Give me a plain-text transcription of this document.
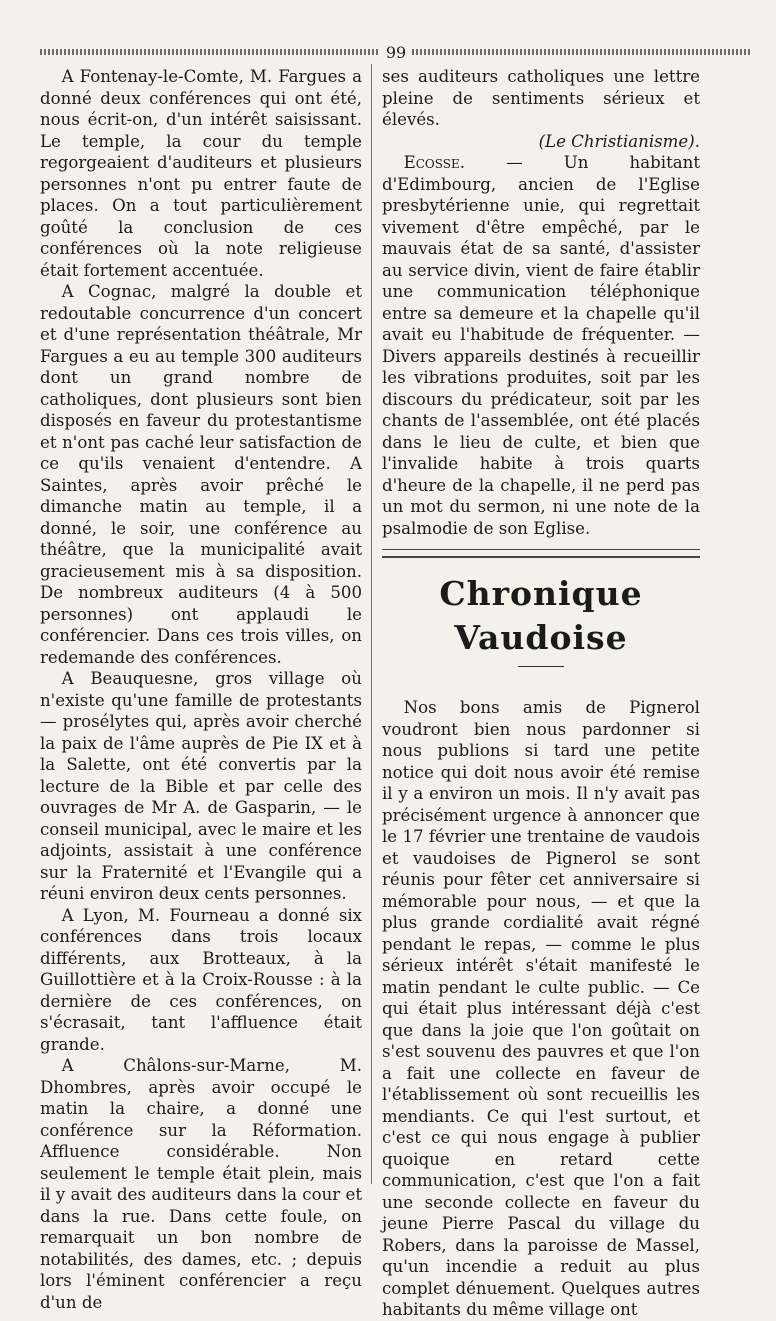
99

A Fontenay-le-Comte, M. Fargues a donné deux conférences qui ont été, nous écrit-on, d'un intérêt saisissant. Le temple, la cour du temple regorgeaient d'auditeurs et plusieurs personnes n'ont pu entrer faute de places. On a tout particulièrement goûté la conclusion de ces conférences où la note religieuse était fortement accentuée.

A Cognac, malgré la double et redoutable concurrence d'un concert et d'une représentation théâtrale, Mr Fargues a eu au temple 300 auditeurs dont un grand nombre de catholiques, dont plusieurs sont bien disposés en faveur du protestantisme et n'ont pas caché leur satisfaction de ce qu'ils venaient d'entendre. A Saintes, après avoir prêché le dimanche matin au temple, il a donné, le soir, une conférence au théâtre, que la municipalité avait gracieusement mis à sa disposition. De nombreux auditeurs (4 à 500 personnes) ont applaudi le conférencier. Dans ces trois villes, on redemande des conférences.

A Beauquesne, gros village où n'existe qu'une famille de protestants — prosélytes qui, après avoir cherché la paix de l'âme auprès de Pie IX et à la Salette, ont été convertis par la lecture de la Bible et par celle des ouvrages de Mr A. de Gasparin, — le conseil municipal, avec le maire et les adjoints, assistait à une conférence sur la Fraternité et l'Evangile qui a réuni environ deux cents personnes.

A Lyon, M. Fourneau a donné six conférences dans trois locaux différents, aux Brotteaux, à la Guillottière et à la Croix-Rousse : à la dernière de ces conférences, on s'écrasait, tant l'affluence était grande.

A Châlons-sur-Marne, M. Dhombres, après avoir occupé le matin la chaire, a donné une conférence sur la Réformation. Affluence considérable. Non seulement le temple était plein, mais il y avait des auditeurs dans la cour et dans la rue. Dans cette foule, on remarquait un bon nombre de notabilités, des dames, etc. ; depuis lors l'éminent conférencier a reçu d'un de

ses auditeurs catholiques une lettre pleine de sentiments sérieux et élevés.

(Le Christianisme).

Ecosse. — Un habitant d'Edimbourg, ancien de l'Eglise presbytérienne unie, qui regrettait vivement d'être empêché, par le mauvais état de sa santé, d'assister au service divin, vient de faire établir une communication téléphonique entre sa demeure et la chapelle qu'il avait eu l'habitude de fréquenter. — Divers appareils destinés à recueillir les vibrations produites, soit par les discours du prédicateur, soit par les chants de l'assemblée, ont été placés dans le lieu de culte, et bien que l'invalide habite à trois quarts d'heure de la chapelle, il ne perd pas un mot du sermon, ni une note de la psalmodie de son Eglise.

Chronique Vaudoise

Nos bons amis de Pignerol voudront bien nous pardonner si nous publions si tard une petite notice qui doit nous avoir été remise il y a environ un mois. Il n'y avait pas précisément urgence à annoncer que le 17 février une trentaine de vaudois et vaudoises de Pignerol se sont réunis pour fêter cet anniversaire si mémorable pour nous, — et que la plus grande cordialité avait régné pendant le repas, — comme le plus sérieux intérêt s'était manifesté le matin pendant le culte public. — Ce qui était plus intéressant déjà c'est que dans la joie que l'on goûtait on s'est souvenu des pauvres et que l'on a fait une collecte en faveur de l'établissement où sont recueillis les mendiants. Ce qui l'est surtout, et c'est ce qui nous engage à publier quoique en retard cette communication, c'est que l'on a fait une seconde collecte en faveur du jeune Pierre Pascal du village du Robers, dans la paroisse de Massel, qu'un incendie a reduit au plus complet dénuement. Quelques autres habitants du même village ont
